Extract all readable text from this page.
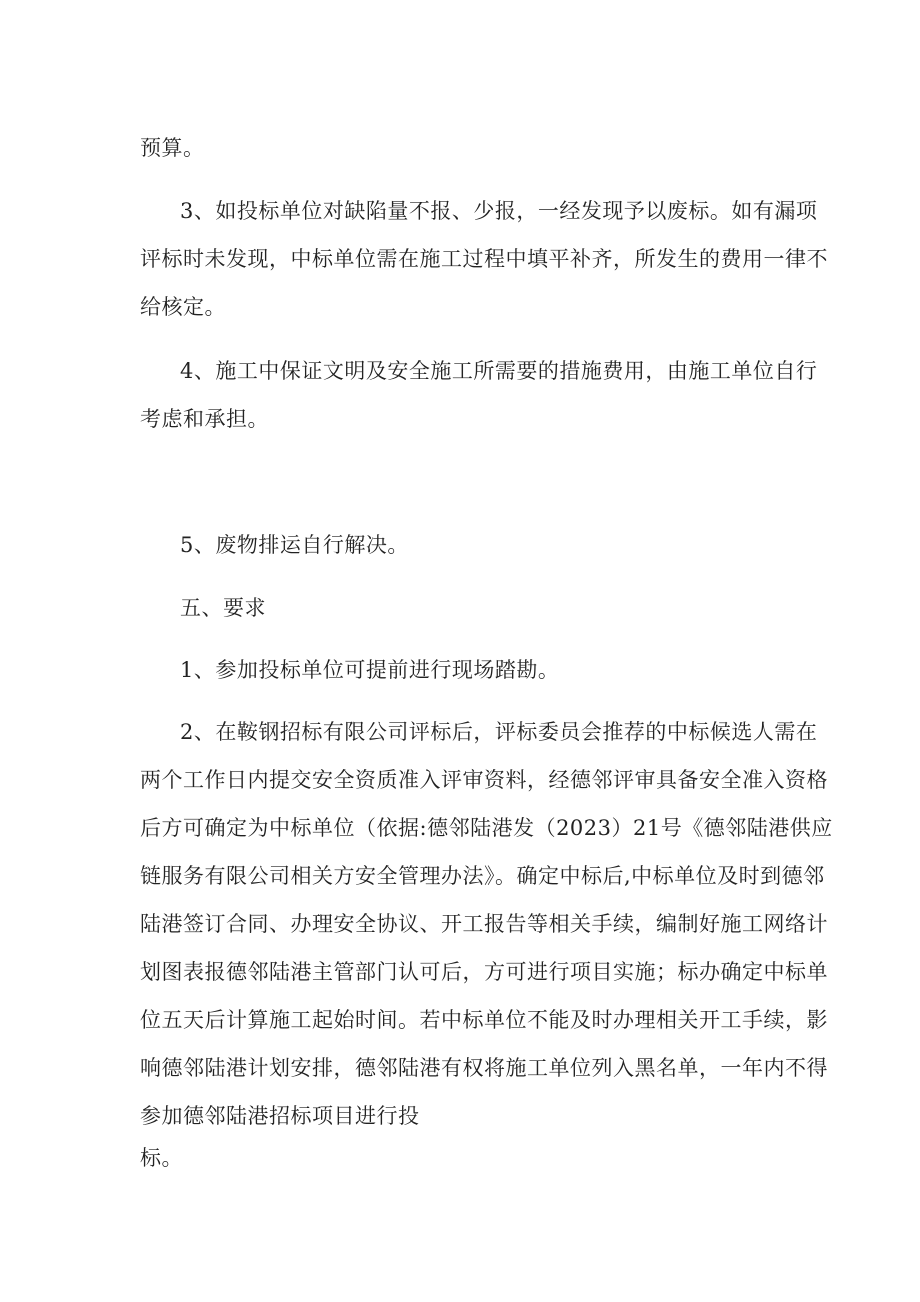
预算。
3、如投标单位对缺陷量不报、少报，一经发现予以废标。如有漏项
评标时未发现，中标单位需在施工过程中填平补齐，所发生的费用一律不
给核定。
4、施工中保证文明及安全施工所需要的措施费用，由施工单位自行
考虑和承担。
5、废物排运自行解决。
五、要求
1、参加投标单位可提前进行现场踏勘。
2、在鞍钢招标有限公司评标后，评标委员会推荐的中标候选人需在
两个工作日内提交安全资质准入评审资料，经德邻评审具备安全准入资格
后方可确定为中标单位（依据:德邻陆港发（2023）21号《德邻陆港供应
链服务有限公司相关方安全管理办法》。确定中标后,中标单位及时到德邻
陆港签订合同、办理安全协议、开工报告等相关手续，编制好施工网络计
划图表报德邻陆港主管部门认可后，方可进行项目实施；标办确定中标单
位五天后计算施工起始时间。若中标单位不能及时办理相关开工手续，影
响德邻陆港计划安排，德邻陆港有权将施工单位列入黑名单，一年内不得
参加德邻陆港招标项目进行投
标。
